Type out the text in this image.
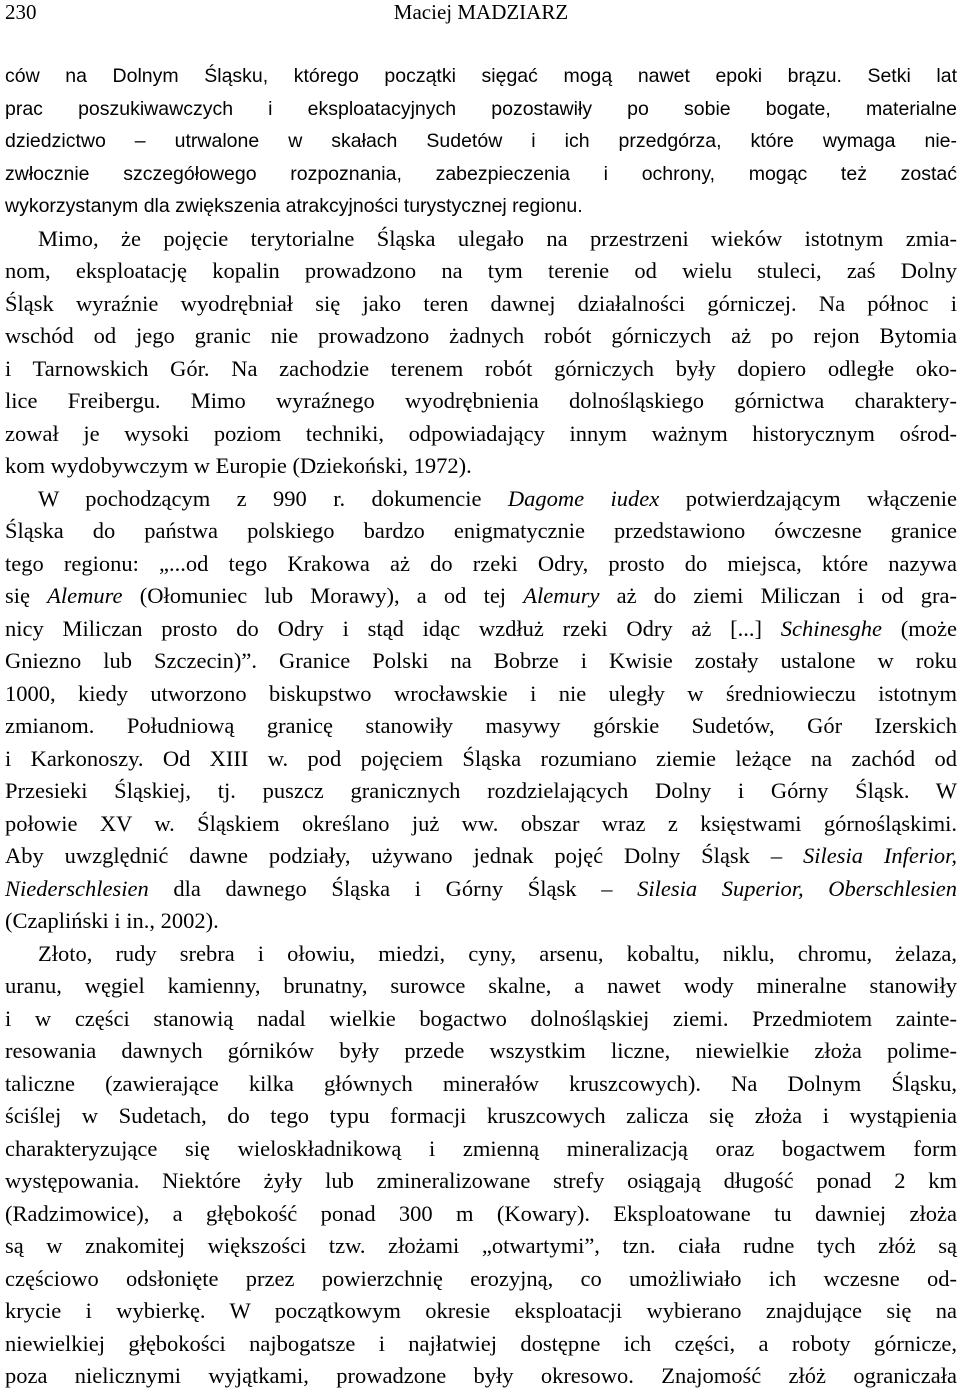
230	Maciej MADZIARZ
ców na Dolnym Śląsku, którego początki sięgać mogą nawet epoki brązu. Setki lat
prac poszukiwawczych i eksploatacyjnych pozostawiły po sobie bogate, materialne
dziedzictwo – utrwalone w skałach Sudetów i ich przedgórza, które wymaga nie-
zwłocznie szczegółowego rozpoznania, zabezpieczenia i ochrony, mogąc też zostać
wykorzystanym dla zwiększenia atrakcyjności turystycznej regionu.
Mimo, że pojęcie terytorialne Śląska ulegało na przestrzeni wieków istotnym zmia-
nom, eksploatację kopalin prowadzono na tym terenie od wielu stuleci, zaś Dolny
Śląsk wyraźnie wyodrębniał się jako teren dawnej działalności górniczej. Na północ i
wschód od jego granic nie prowadzono żadnych robót górniczych aż po rejon Bytomia
i Tarnowskich Gór. Na zachodzie terenem robót górniczych były dopiero odległe oko-
lice Freibergu. Mimo wyraźnego wyodrębnienia dolnośląskiego górnictwa charaktery-
zował je wysoki poziom techniki, odpowiadający innym ważnym historycznym ośrod-
kom wydobywczym w Europie (Dziekoński, 1972).
W pochodzącym z 990 r. dokumencie Dagome iudex potwierdzającym włączenie
Śląska do państwa polskiego bardzo enigmatycznie przedstawiono ówczesne granice
tego regionu: „...od tego Krakowa aż do rzeki Odry, prosto do miejsca, które nazywa
się Alemure (Ołomuniec lub Morawy), a od tej Alemury aż do ziemi Miliczan i od gra-
nicy Miliczan prosto do Odry i stąd idąc wzdłuż rzeki Odry aż [...] Schinesghe (może
Gniezno lub Szczecin)”. Granice Polski na Bobrze i Kwisie zostały ustalone w roku
1000, kiedy utworzono biskupstwo wrocławskie i nie uległy w średniowieczu istotnym
zmianom. Południową granicę stanowiły masywy górskie Sudetów, Gór Izerskich
i Karkonoszy. Od XIII w. pod pojęciem Śląska rozumiano ziemie leżące na zachód od
Przesieki Śląskiej, tj. puszcz granicznych rozdzielających Dolny i Górny Śląsk. W
połowie XV w. Śląskiem określano już ww. obszar wraz z księstwami górnośląskimi.
Aby uwzględnić dawne podziały, używano jednak pojęć Dolny Śląsk – Silesia Inferior,
Niederschlesien dla dawnego Śląska i Górny Śląsk – Silesia Superior, Oberschlesien
(Czapliński i in., 2002).
Złoto, rudy srebra i ołowiu, miedzi, cyny, arsenu, kobaltu, niklu, chromu, żelaza,
uranu, węgiel kamienny, brunatny, surowce skalne, a nawet wody mineralne stanowiły
i w części stanowią nadal wielkie bogactwo dolnośląskiej ziemi. Przedmiotem zainte-
resowania dawnych górników były przede wszystkim liczne, niewielkie złoża polime-
taliczne (zawierające kilka głównych minerałów kruszcowych). Na Dolnym Śląsku,
ściślej w Sudetach, do tego typu formacji kruszcowych zalicza się złoża i wystąpienia
charakteryzujące się wieloskładnikową i zmienną mineralizacją oraz bogactwem form
występowania. Niektóre żyły lub zmineralizowane strefy osiągają długość ponad 2 km
(Radzimowice), a głębokość ponad 300 m (Kowary). Eksploatowane tu dawniej złoża
są w znakomitej większości tzw. złożami „otwartymi”, tzn. ciała rudne tych złóż są
częściowo odsłonięte przez powierzchnię erozyjną, co umożliwiało ich wczesne od-
krycie i wybierkę. W początkowym okresie eksploatacji wybierano znajdujące się na
niewielkiej głębokości najbogatsze i najłatwiej dostępne ich części, a roboty górnicze,
poza nielicznymi wyjątkami, prowadzone były okresowo. Znajomość złóż ograniczała
